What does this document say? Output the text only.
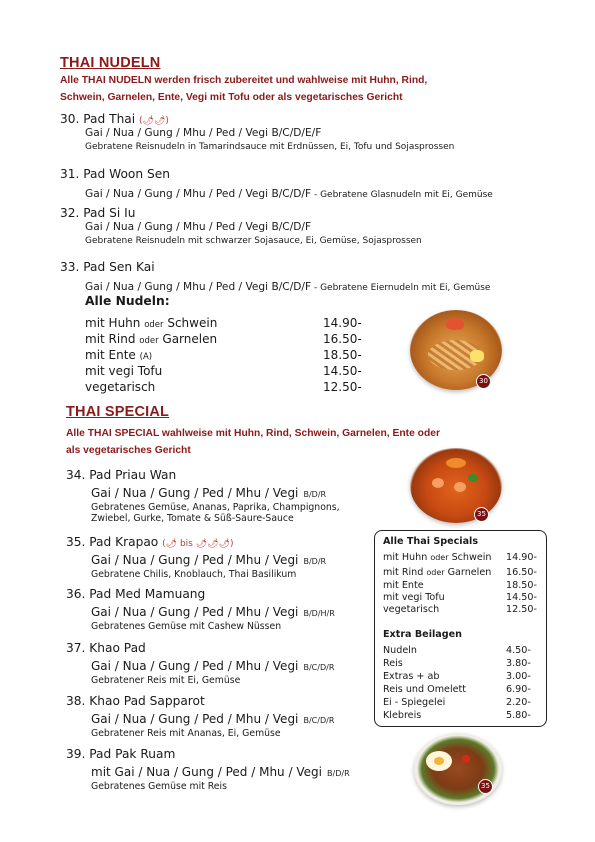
THAI NUDELN
Alle THAI NUDELN werden frisch zubereitet und wahlweise mit Huhn, Rind,
Schwein, Garnelen, Ente, Vegi mit Tofu oder als vegetarisches Gericht
30. Pad Thai (🌶🌶)
Gai / Nua / Gung / Mhu / Ped / Vegi B/C/D/E/F
Gebratene Reisnudeln in Tamarindsauce mit Erdnüssen, Ei, Tofu und Sojasprossen
31. Pad Woon Sen
Gai / Nua / Gung / Mhu / Ped / Vegi B/C/D/F - Gebratene Glasnudeln mit Ei, Gemüse
32. Pad Si Iu
Gai / Nua / Gung / Mhu / Ped / Vegi B/C/D/F
Gebratene Reisnudeln mit schwarzer Sojasauce, Ei, Gemüse, Sojasprossen
33. Pad Sen Kai
Gai / Nua / Gung / Mhu / Ped / Vegi B/C/D/F - Gebratene Eiernudeln mit Ei, Gemüse
Alle Nudeln:
mit Huhn oder Schwein	14.90-
mit Rind oder Garnelen	16.50-
mit Ente (A)	18.50-
mit vegi Tofu	14.50-
vegetarisch	12.50-	30
THAI SPECIAL
Alle THAI SPECIAL wahlweise mit Huhn, Rind, Schwein, Garnelen, Ente oder
als vegetarisches Gericht
34. Pad Priau Wan
Gai / Nua / Gung / Ped / Mhu / Vegi B/D/R
Gebratenes Gemüse, Ananas, Paprika, Champignons,
Zwiebel, Gurke, Tomate & Süß-Saure-Sauce
35. Pad Krapao (🌶 bis 🌶🌶🌶)
Gai / Nua / Gung / Ped / Mhu / Vegi B/D/R
Gebratene Chilis, Knoblauch, Thai Basilikum
36. Pad Med Mamuang
Gai / Nua / Gung / Ped / Mhu / Vegi B/D/H/R
Gebratenes Gemüse mit Cashew Nüssen
37. Khao Pad
Gai / Nua / Gung / Ped / Mhu / Vegi B/C/D/R
Gebratener Reis mit Ei, Gemüse
38. Khao Pad Sapparot
Gai / Nua / Gung / Ped / Mhu / Vegi B/C/D/R
Gebratener Reis mit Ananas, Ei, Gemüse
39. Pad Pak Ruam
mit Gai / Nua / Gung / Ped / Mhu / Vegi B/D/R
Gebratenes Gemüse mit Reis
35
Alle Thai Specials
mit Huhn oder Schwein 14.90-
mit Rind oder Garnelen 16.50-
mit Ente	18.50-
mit vegi Tofu	14.50-
vegetarisch	12.50-
Extra Beilagen
Nudeln	4.50-
Reis	3.80-
Extras + ab	3.00-
Reis und Omelett	6.90-
Ei - Spiegelei	2.20-
Klebreis	5.80-
35
